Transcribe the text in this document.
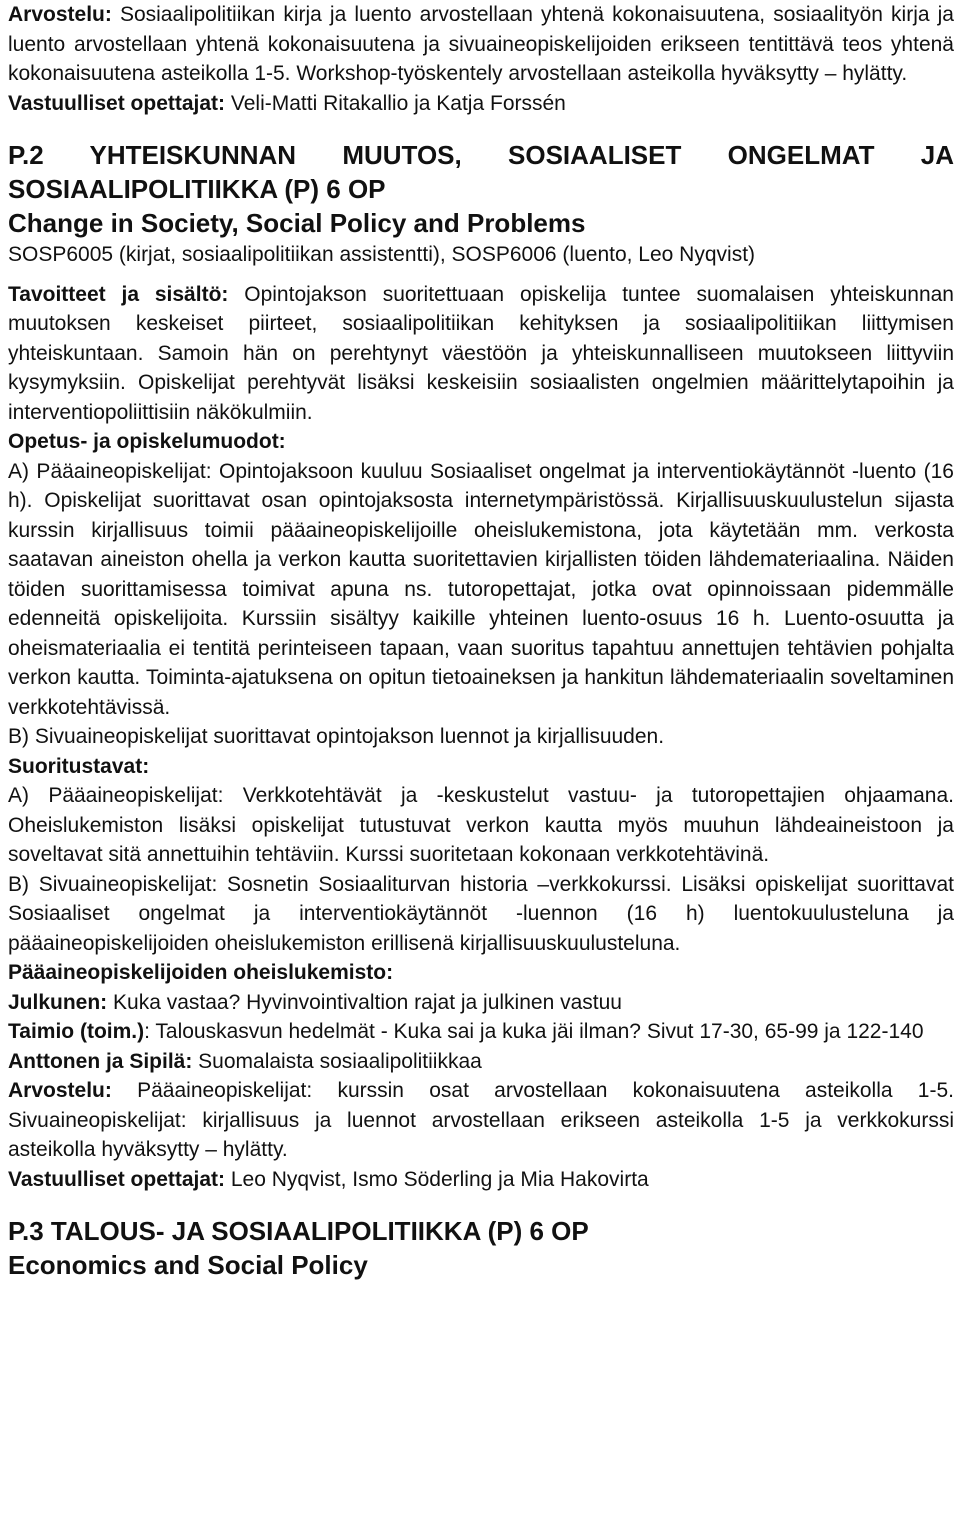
Arvostelu: Sosiaalipolitiikan kirja ja luento arvostellaan yhtenä kokonaisuutena, sosiaalityön kirja ja luento arvostellaan yhtenä kokonaisuutena ja sivuaineopiskelijoiden erikseen tentittävä teos yhtenä kokonaisuutena asteikolla 1-5. Workshop-työskentely arvostellaan asteikolla hyväksytty – hylätty.

Vastuulliset opettajat: Veli-Matti Ritakallio ja Katja Forssén

P.2 YHTEISKUNNAN MUUTOS, SOSIAALISET ONGELMAT JA SOSIAALIPOLITIIKKA (P) 6 OP

Change in Society, Social Policy and Problems

SOSP6005 (kirjat, sosiaalipolitiikan assistentti), SOSP6006 (luento, Leo Nyqvist)

Tavoitteet ja sisältö: Opintojakson suoritettuaan opiskelija tuntee suomalaisen yhteiskunnan muutoksen keskeiset piirteet, sosiaalipolitiikan kehityksen ja sosiaalipolitiikan liittymisen yhteiskuntaan. Samoin hän on perehtynyt väestöön ja yhteiskunnalliseen muutokseen liittyviin kysymyksiin. Opiskelijat perehtyvät lisäksi keskeisiin sosiaalisten ongelmien määrittelytapoihin ja interventiopoliittisiin näkökulmiin.

Opetus- ja opiskelumuodot:

A) Pääaineopiskelijat: Opintojaksoon kuuluu Sosiaaliset ongelmat ja interventiokäytännöt -luento (16 h). Opiskelijat suorittavat osan opintojaksosta internetympäristössä. Kirjallisuuskuulustelun sijasta kurssin kirjallisuus toimii pääaineopiskelijoille oheislukemistona, jota käytetään mm. verkosta saatavan aineiston ohella ja verkon kautta suoritettavien kirjallisten töiden lähdemateriaalina. Näiden töiden suorittamisessa toimivat apuna ns. tutoropettajat, jotka ovat opinnoissaan pidemmälle edenneitä opiskelijoita. Kurssiin sisältyy kaikille yhteinen luento-osuus 16 h. Luento-osuutta ja oheismateriaalia ei tentitä perinteiseen tapaan, vaan suoritus tapahtuu annettujen tehtävien pohjalta verkon kautta. Toiminta-ajatuksena on opitun tietoaineksen ja hankitun lähdemateriaalin soveltaminen verkkotehtävissä.

B) Sivuaineopiskelijat suorittavat opintojakson luennot ja kirjallisuuden.

Suoritustavat:

A) Pääaineopiskelijat: Verkkotehtävät ja -keskustelut vastuu- ja tutoropettajien ohjaamana. Oheislukemiston lisäksi opiskelijat tutustuvat verkon kautta myös muuhun lähdeaineistoon ja soveltavat sitä annettuihin tehtäviin. Kurssi suoritetaan kokonaan verkkotehtävinä.

B) Sivuaineopiskelijat: Sosnetin Sosiaaliturvan historia –verkkokurssi. Lisäksi opiskelijat suorittavat Sosiaaliset ongelmat ja interventiokäytännöt -luennon (16 h) luentokuulusteluna ja pääaineopiskelijoiden oheislukemiston erillisenä kirjallisuuskuulusteluna.

Pääaineopiskelijoiden oheislukemisto:

Julkunen: Kuka vastaa? Hyvinvointivaltion rajat ja julkinen vastuu

Taimio (toim.): Talouskasvun hedelmät - Kuka sai ja kuka jäi ilman? Sivut 17-30, 65-99 ja 122-140

Anttonen ja Sipilä: Suomalaista sosiaalipolitiikkaa

Arvostelu: Pääaineopiskelijat: kurssin osat arvostellaan kokonaisuutena asteikolla 1-5. Sivuaineopiskelijat: kirjallisuus ja luennot arvostellaan erikseen asteikolla 1-5 ja verkkokurssi asteikolla hyväksytty – hylätty.

Vastuulliset opettajat: Leo Nyqvist, Ismo Söderling ja Mia Hakovirta

P.3 TALOUS- JA SOSIAALIPOLITIIKKA (P) 6 OP

Economics and Social Policy
